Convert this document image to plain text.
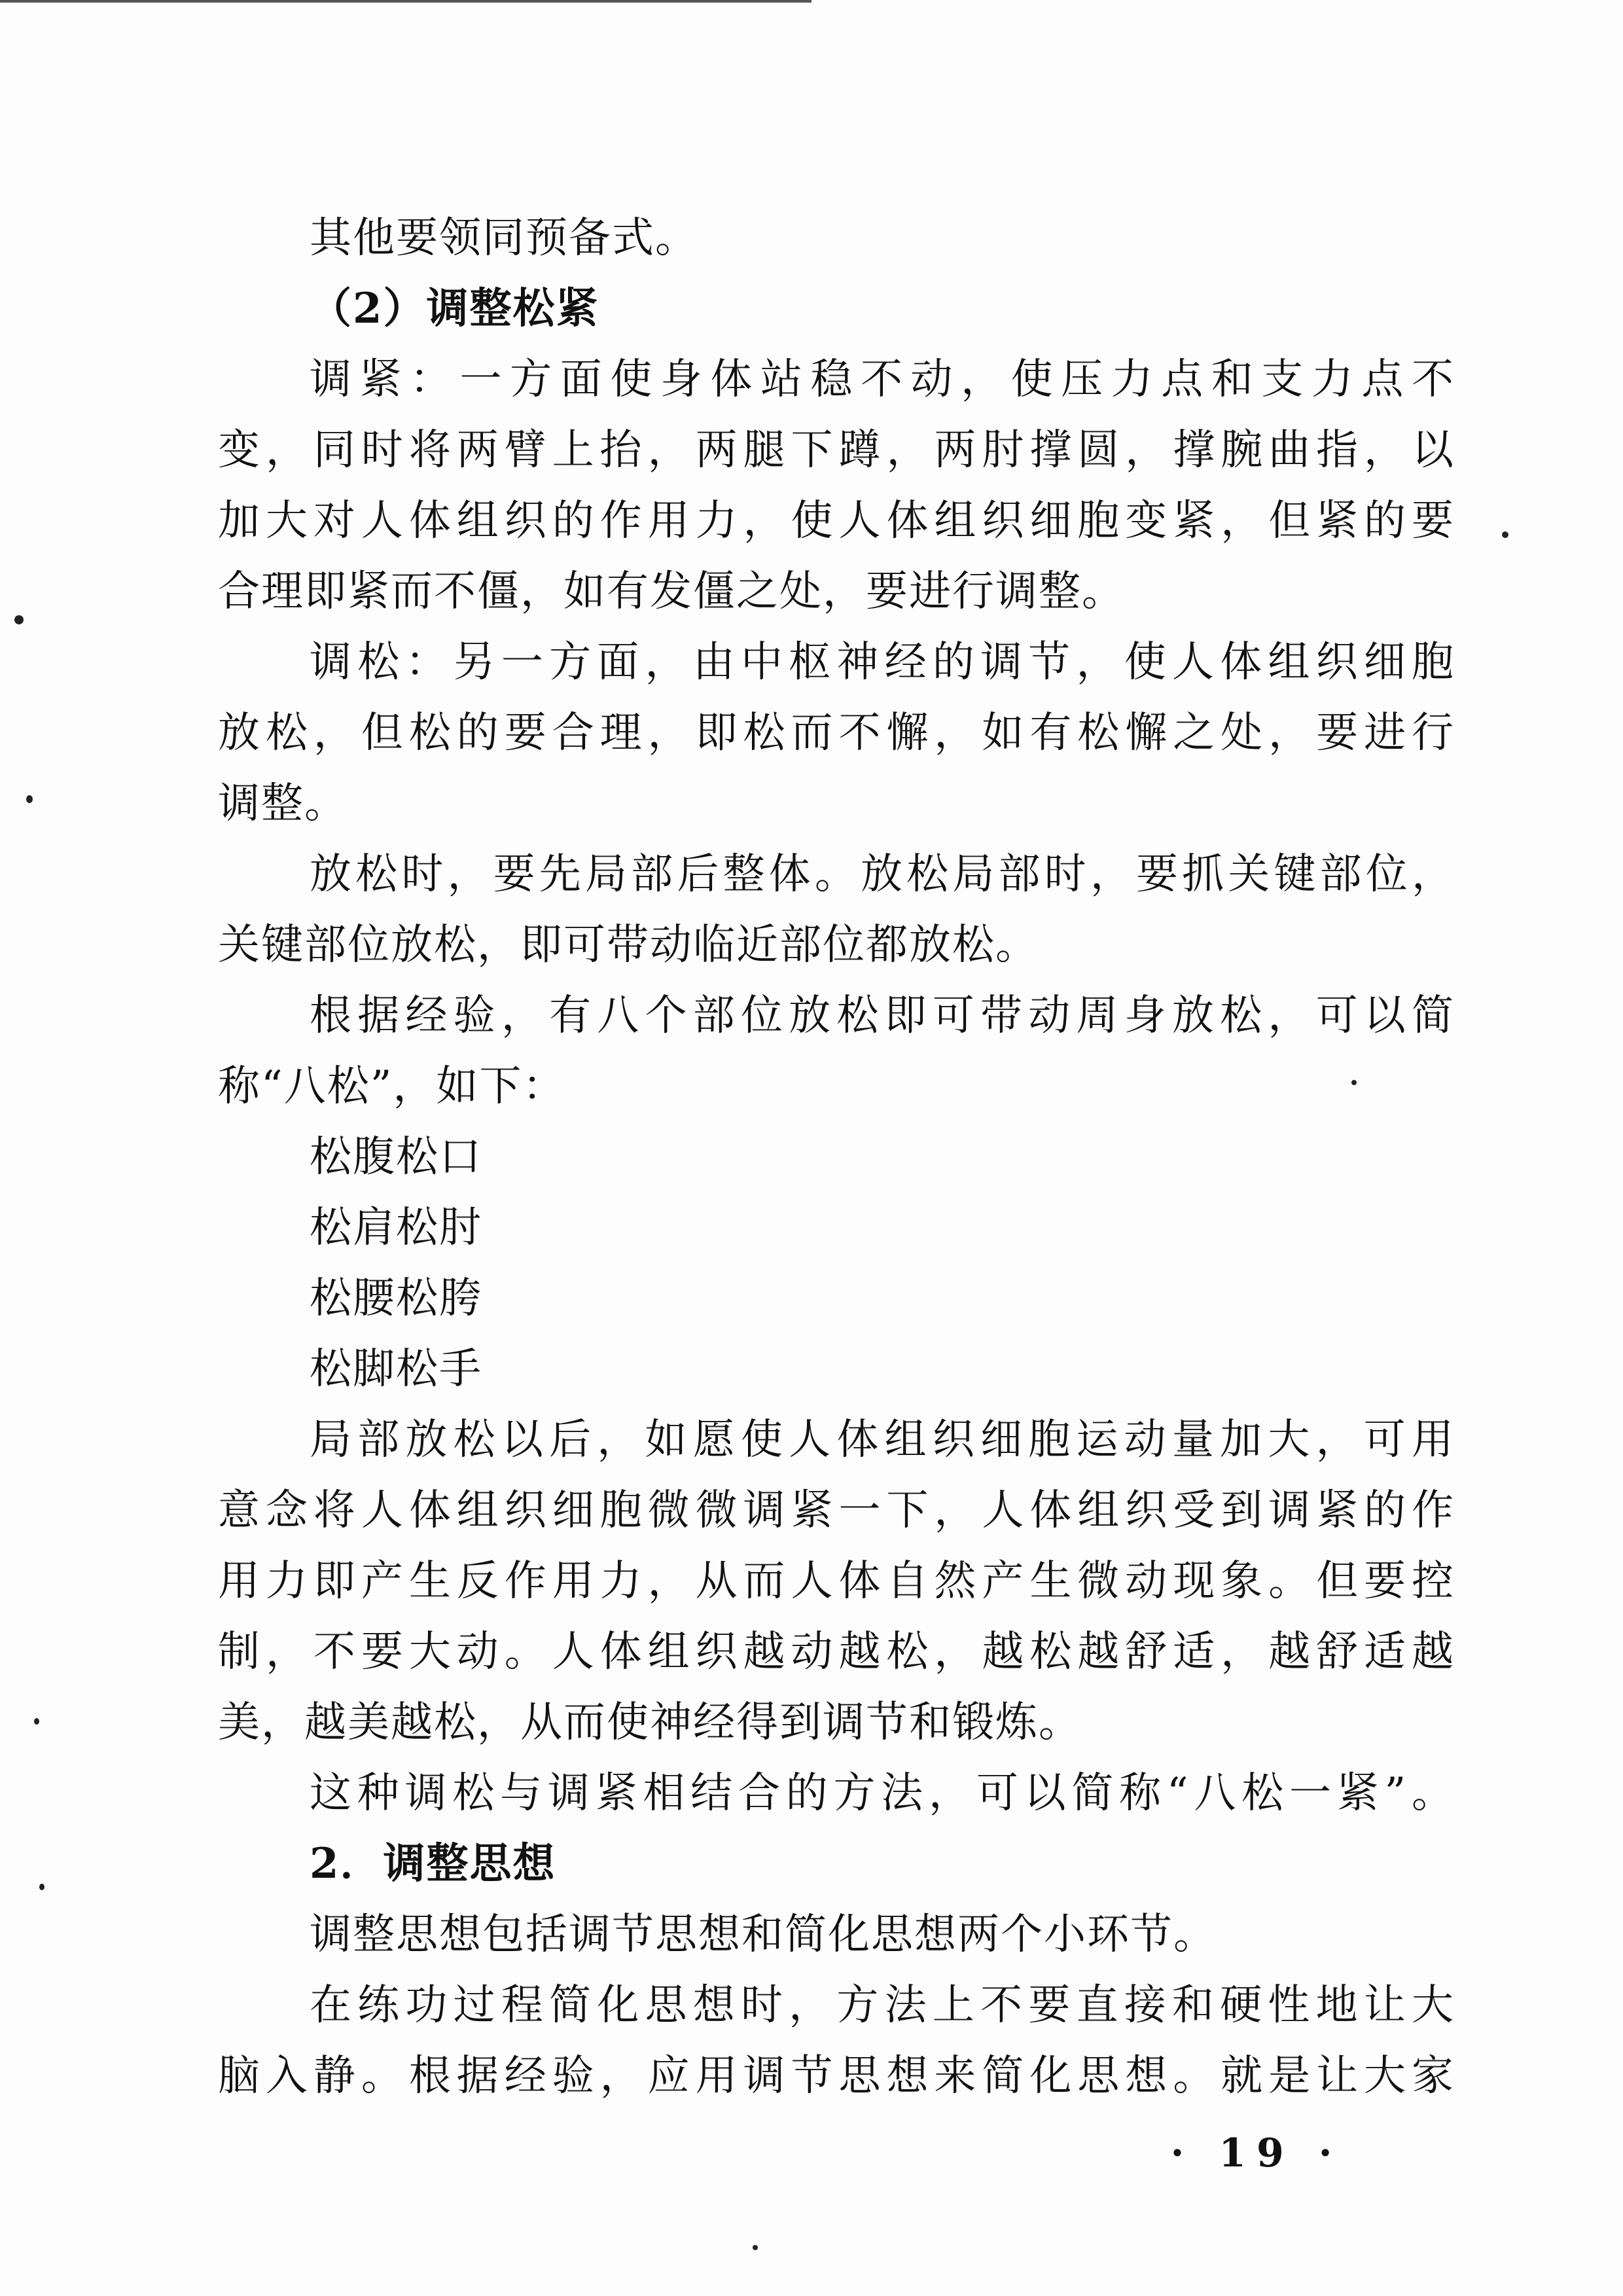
其他要领同预备式。
（2）调整松紧
调紧：一方面使身体站稳不动，使压力点和支力点不
变，同时将两臂上抬，两腿下蹲，两肘撑圆，撑腕曲指，以
加大对人体组织的作用力，使人体组织细胞变紧，但紧的要
合理即紧而不僵，如有发僵之处，要进行调整。
调松：另一方面，由中枢神经的调节，使人体组织细胞
放松，但松的要合理，即松而不懈，如有松懈之处，要进行
调整。
放松时，要先局部后整体。放松局部时，要抓关键部位，
关键部位放松，即可带动临近部位都放松。
根据经验，有八个部位放松即可带动周身放松，可以简
称“八松”，如下：
松腹松口
松肩松肘
松腰松胯
松脚松手
局部放松以后，如愿使人体组织细胞运动量加大，可用
意念将人体组织细胞微微调紧一下，人体组织受到调紧的作
用力即产生反作用力，从而人体自然产生微动现象。但要控
制，不要大动。人体组织越动越松，越松越舒适，越舒适越
美，越美越松，从而使神经得到调节和锻炼。
这种调松与调紧相结合的方法，可以简称“八松一紧”。
2．调整思想
调整思想包括调节思想和简化思想两个小环节。
在练功过程简化思想时，方法上不要直接和硬性地让大
脑入静。根据经验，应用调节思想来简化思想。就是让大家
· 19 ·
